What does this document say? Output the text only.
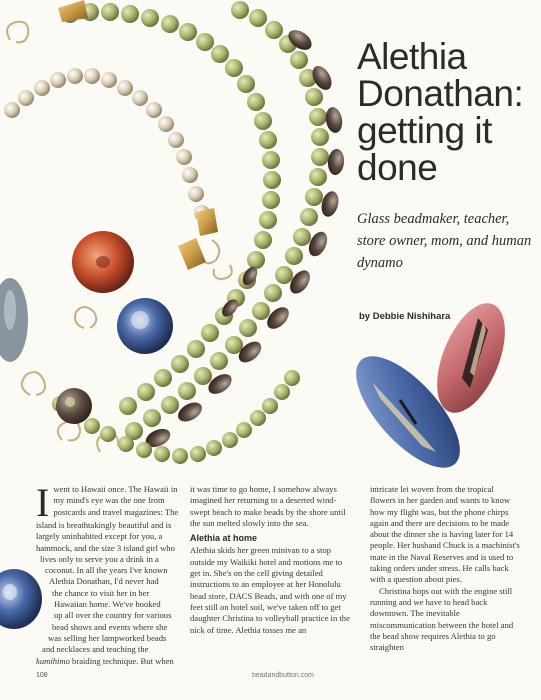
Alethia
Donathan:
getting it
done
Glass beadmaker, teacher, store owner, mom, and human dynamo
by Debbie Nishihara
I went to Hawaii once. The Hawaii in
my mind's eye was the one from
postcards and travel magazines: The
island is breathtakingly beautiful and is
largely uninhabited except for you, a
hammock, and the size 3 island girl who
lives only to serve you a drink in a
coconut. In all the years I've known
Alethia Donathan, I'd never had
the chance to visit her in her
Hawaiian home. We've hooked
up all over the country for various
bead shows and events where she
was selling her lampworked beads
and necklaces and teaching the
kumihimo braiding technique. But when

it was time to go home, I somehow always imagined her returning to a deserted wind-swept beach to make beads by the shore until the sun melted slowly into the sea.

Alethia at home

Alethia skids her green minivan to a stop outside my Waikiki hotel and motions me to get in. She's on the cell giving detailed instructions to an employee at her Honolulu bead store, DACS Beads, and with one of my feet still on hotel soil, we've taken off to get daughter Christina to volleyball practice in the nick of time. Alethia tosses me an

intricate lei woven from the tropical flowers in her garden and wants to know how my flight was, but the phone chirps again and there are decisions to be made about the dinner she is having later for 14 people. Her husband Chuck is a machinist's mate in the Naval Reserves and is used to taking orders under stress. He calls back with a question about pies.

Christina hops out with the engine still running and we have to head back downtown. The inevitable miscommunication between the hotel and the bead show requires Alethia to go straighten

108	beadandbutton.com
